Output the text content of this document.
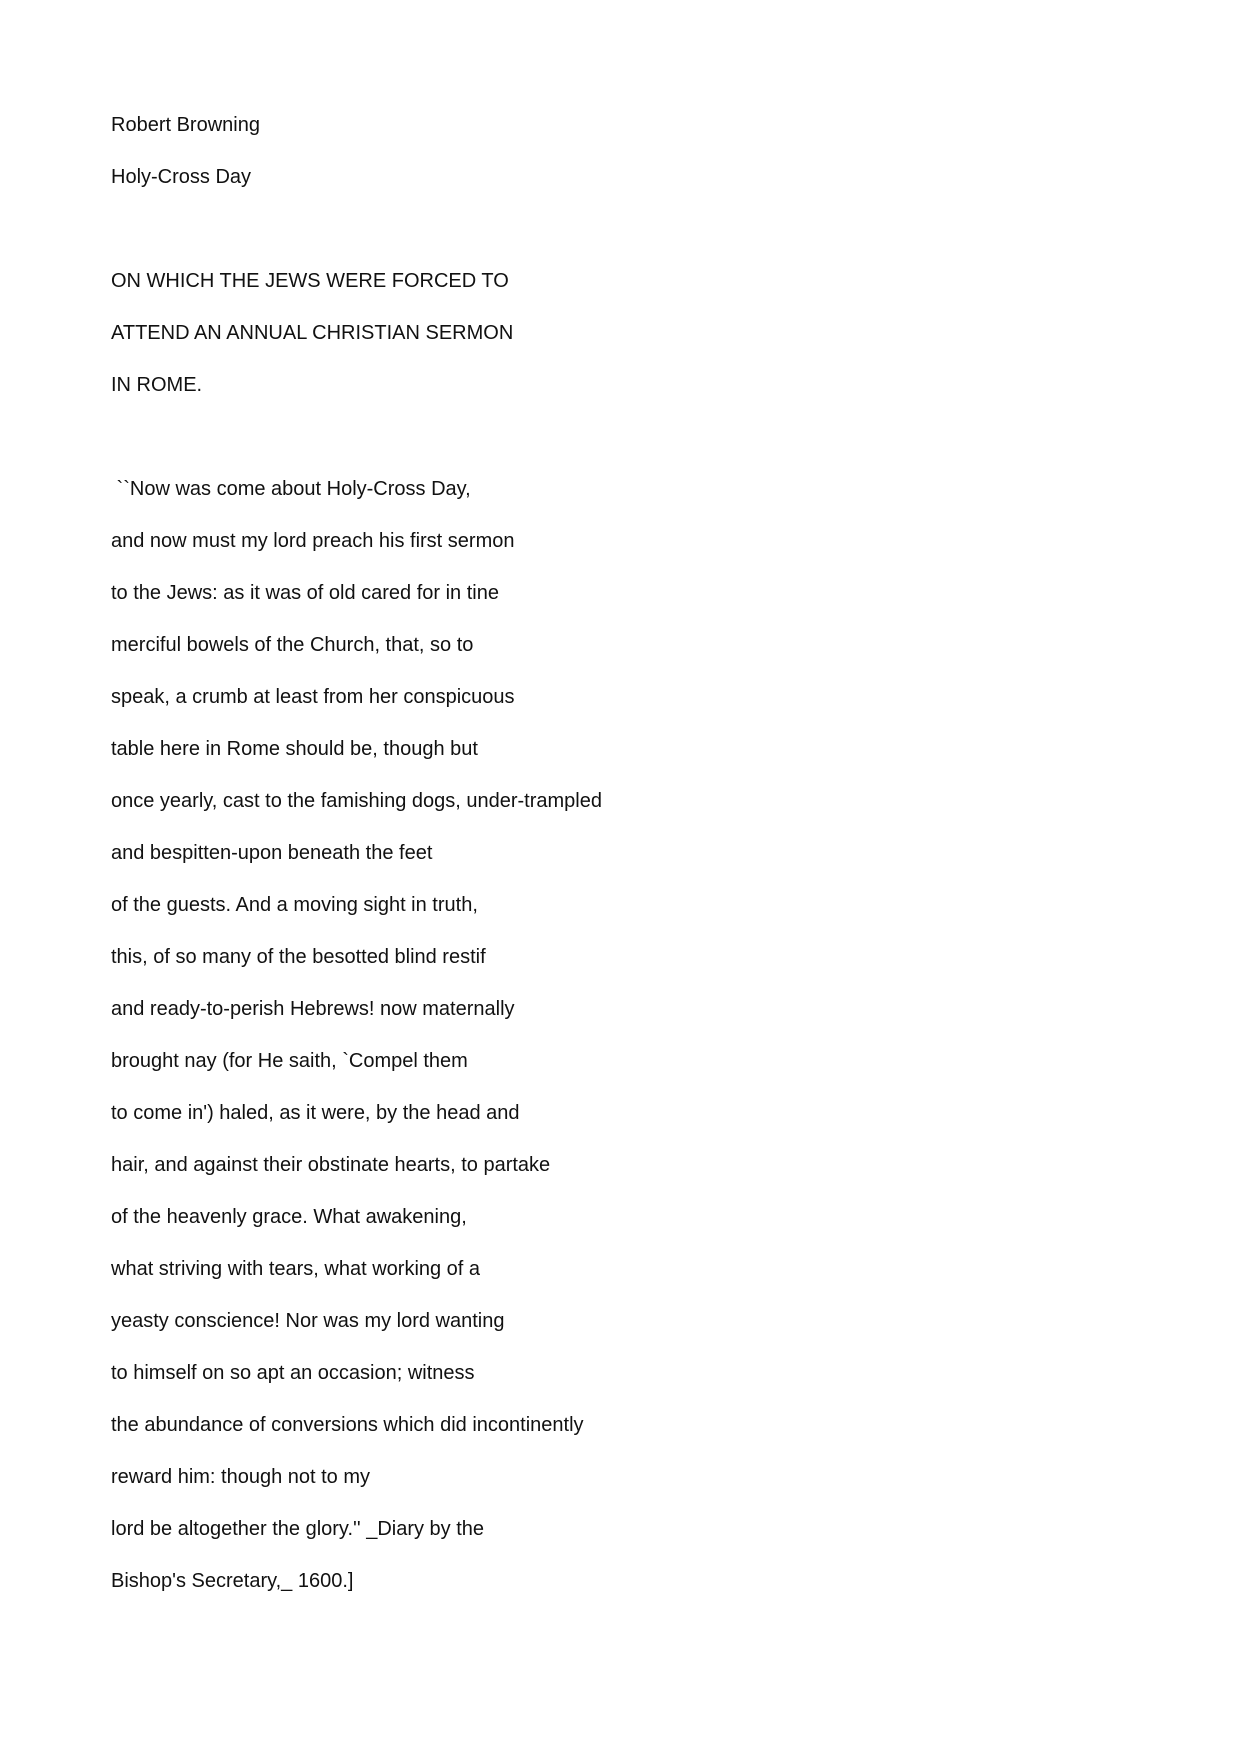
Robert Browning
Holy-Cross Day
ON WHICH THE JEWS WERE FORCED TO
ATTEND AN ANNUAL CHRISTIAN SERMON
IN ROME.
``Now was come about Holy-Cross Day,
and now must my lord preach his first sermon
to the Jews: as it was of old cared for in tine
merciful bowels of the Church, that, so to
speak, a crumb at least from her conspicuous
table here in Rome should be, though but
once yearly, cast to the famishing dogs, under-trampled
and bespitten-upon beneath the feet
of the guests. And a moving sight in truth,
this, of so many of the besotted blind restif
and ready-to-perish Hebrews! now maternally
brought nay (for He saith, `Compel them
to come in') haled, as it were, by the head and
hair, and against their obstinate hearts, to partake
of the heavenly grace. What awakening,
what striving with tears, what working of a
yeasty conscience! Nor was my lord wanting
to himself on so apt an occasion; witness
the abundance of conversions which did incontinently
reward him: though not to my
lord be altogether the glory.'' _Diary by the
Bishop's Secretary,_ 1600.]
